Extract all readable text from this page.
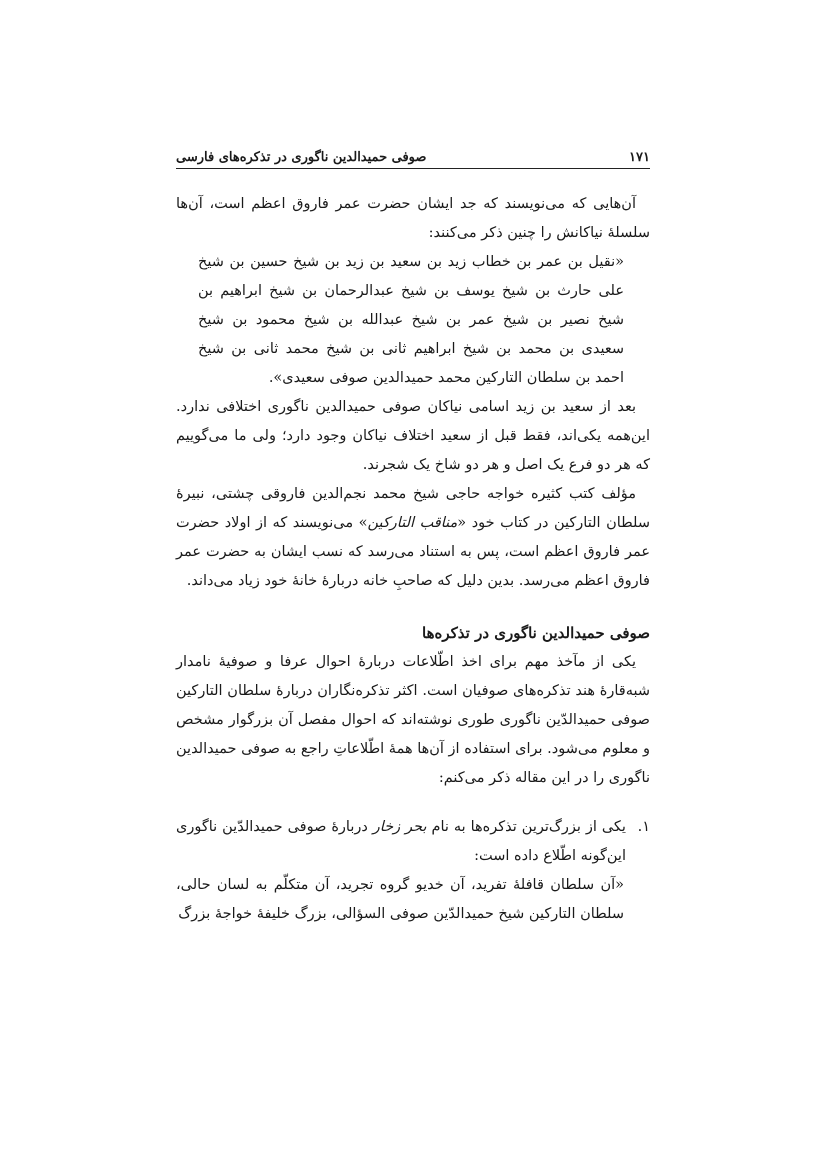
۱۷۱
صوفی حمیدالدین ناگوری در تذکره‌های فارسی

آن‌هایی که می‌نویسند که جد ایشان حضرت عمر فاروق اعظم است، آن‌ها سلسلهٔ نیاکانش را چنین ذکر می‌کنند:

«نقیل بن عمر بن خطاب زید بن سعید بن زید بن شیخ حسین بن شیخ علی حارث بن شیخ یوسف بن شیخ عبدالرحمان بن شیخ ابراهیم بن شیخ نصیر بن شیخ عمر بن شیخ عبدالله بن شیخ محمود بن شیخ سعیدی بن محمد بن شیخ ابراهیم ثانی بن شیخ محمد ثانی بن شیخ احمد بن سلطان التارکین محمد حمیدالدین صوفی سعیدی».

بعد از سعید بن زید اسامی نیاکان صوفی حمیدالدین ناگوری اختلافی ندارد. این‌همه یکی‌اند، فقط قبل از سعید اختلاف نیاکان وجود دارد؛ ولی ما می‌گوییم که هر دو فرع یک اصل و هر دو شاخ یک شجرند.

مؤلف کتب کثیره خواجه حاجی شیخ محمد نجم‌الدین فاروقی چشتی، نبیرهٔ سلطان التارکین در کتاب خود «مناقب التارکین» می‌نویسند که از اولاد حضرت عمر فاروق اعظم است، پس به استناد می‌رسد که نسب ایشان به حضرت عمر فاروق اعظم می‌رسد. بدین دلیل که صاحبِ خانه دربارهٔ خانهٔ خود زیاد می‌داند.

صوفی حمیدالدین ناگوری در تذکره‌ها

یکی از مآخذ مهم برای اخذ اطّلاعات دربارهٔ احوال عرفا و صوفیهٔ نامدار شبه‌قارهٔ هند تذکره‌های صوفیان است. اکثر تذکره‌نگاران دربارهٔ سلطان التارکین صوفی حمیدالدّین ناگوری طوری نوشته‌اند که احوال مفصل آن بزرگوار مشخص و معلوم می‌شود. برای استفاده از آن‌ها همهٔ اطّلاعاتِ راجع به صوفی حمیدالدین ناگوری را در این مقاله ذکر می‌کنم:

۱.
یکی از بزرگ‌ترین تذکره‌ها به نام بحر زخار دربارهٔ صوفی حمیدالدّین ناگوری این‌گونه اطّلاع داده است:
«آن سلطان قافلهٔ تفرید، آن خدیو گروه تجرید، آن متکلّم به لسان حالی، سلطان التارکین شیخ حمیدالدّین صوفی السؤالی، بزرگ خلیفهٔ خواجهٔ بزرگ
